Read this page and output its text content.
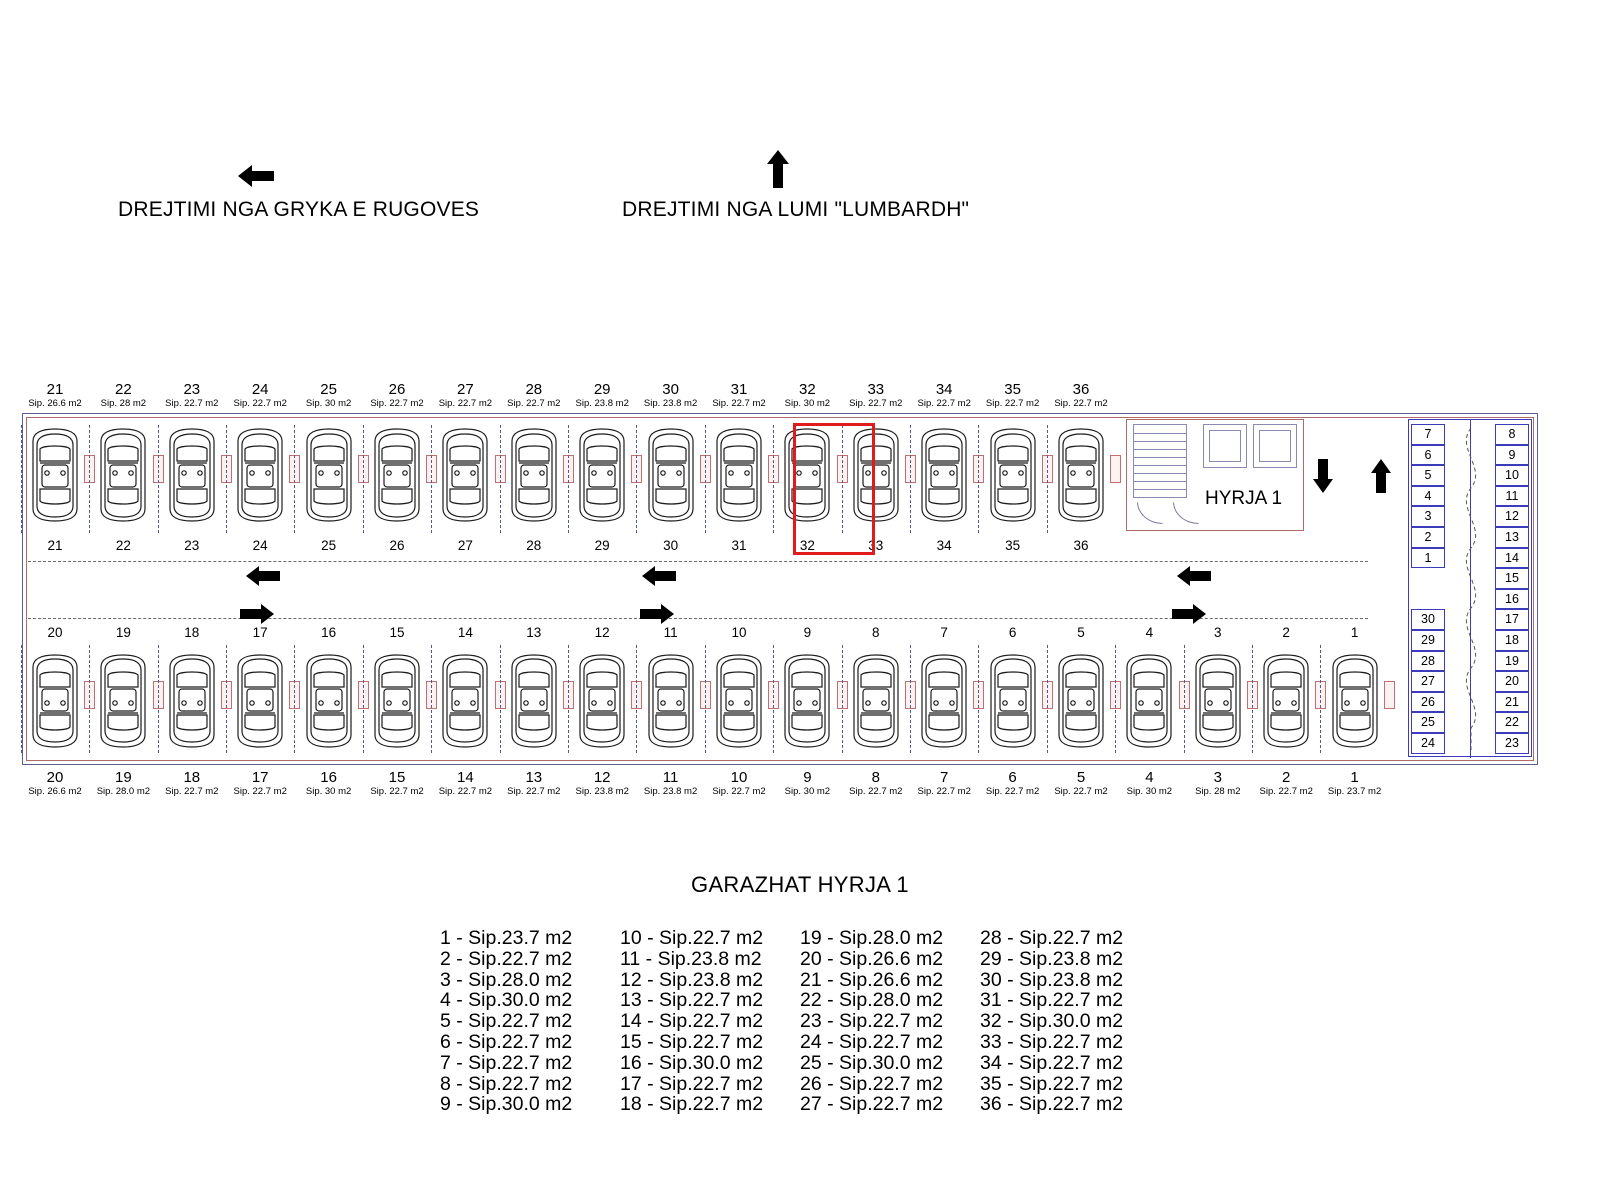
DREJTIMI NGA GRYKA E RUGOVES	DREJTIMI NGA LUMI "LUMBARDH"
21
Sip. 26.6 m2
22
Sip. 28 m2
23
Sip. 22.7 m2
24
Sip. 22.7 m2
25
Sip. 30 m2
26
Sip. 22.7 m2
27
Sip. 22.7 m2
28
Sip. 22.7 m2
29
Sip. 23.8 m2
30
Sip. 23.8 m2
31
Sip. 22.7 m2
32
Sip. 30 m2
33
Sip. 22.7 m2
34
Sip. 22.7 m2
35
Sip. 22.7 m2
36
Sip. 22.7 m2
21	22	23	24	25	26	27	28	29	30	31	32	33	34	35	36
20	19	18	17	16	15	14	13	12	11	10	9	8	7	6	5	4	3	2	1
HYRJA 1
7
6
5
4
3
2
1
30
29
28
27
26
25
24
8
9
10
11
12
13
14
15
16
17
18
19
20
21
22
23
20
Sip. 26.6 m2
19
Sip. 28.0 m2
18
Sip. 22.7 m2
17
Sip. 22.7 m2
16
Sip. 30 m2
15
Sip. 22.7 m2
14
Sip. 22.7 m2
13
Sip. 22.7 m2
12
Sip. 23.8 m2
11
Sip. 23.8 m2
10
Sip. 22.7 m2
9
Sip. 30 m2
8
Sip. 22.7 m2
7
Sip. 22.7 m2
6
Sip. 22.7 m2
5
Sip. 22.7 m2
4
Sip. 30 m2
3
Sip. 28 m2
2
Sip. 22.7 m2
1
Sip. 23.7 m2
GARAZHAT HYRJA 1
1 - Sip.23.7 m2
2 - Sip.22.7 m2
3 - Sip.28.0 m2
4 - Sip.30.0 m2
5 - Sip.22.7 m2
6 - Sip.22.7 m2
7 - Sip.22.7 m2
8 - Sip.22.7 m2
9 - Sip.30.0 m2
10 - Sip.22.7 m2
11 - Sip.23.8 m2
12 - Sip.23.8 m2
13 - Sip.22.7 m2
14 - Sip.22.7 m2
15 - Sip.22.7 m2
16 - Sip.30.0 m2
17 - Sip.22.7 m2
18 - Sip.22.7 m2
19 - Sip.28.0 m2
20 - Sip.26.6 m2
21 - Sip.26.6 m2
22 - Sip.28.0 m2
23 - Sip.22.7 m2
24 - Sip.22.7 m2
25 - Sip.30.0 m2
26 - Sip.22.7 m2
27 - Sip.22.7 m2
28 - Sip.22.7 m2
29 - Sip.23.8 m2
30 - Sip.23.8 m2
31 - Sip.22.7 m2
32 - Sip.30.0 m2
33 - Sip.22.7 m2
34 - Sip.22.7 m2
35 - Sip.22.7 m2
36 - Sip.22.7 m2
